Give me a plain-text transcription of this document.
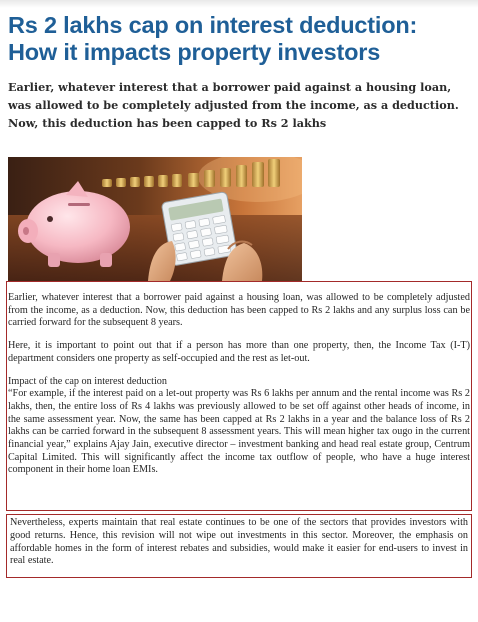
Rs 2 lakhs cap on interest deduction:
How it impacts property investors
Earlier, whatever interest that a borrower paid against a housing loan, was allowed to be completely adjusted from the income, as a deduction. Now, this deduction has been capped to Rs 2 lakhs

Earlier, whatever interest that a borrower paid against a housing loan, was allowed to be completely adjusted from the income, as a deduction. Now, this deduction has been capped to Rs 2 lakhs and any surplus loss can be carried forward for the subsequent 8 years.

Here, it is important to point out that if a person has more than one property, then, the Income Tax (I-T) department considers one property as self-occupied and the rest as let-out.

Impact of the cap on interest deduction

“For example, if the interest paid on a let-out property was Rs 6 lakhs per annum and the rental income was Rs 2 lakhs, then, the entire loss of Rs 4 lakhs was previously allowed to be set off against other heads of income, in the same assessment year. Now, the same has been capped at Rs 2 lakhs in a year and the balance loss of Rs 2 lakhs can be carried forward in the subsequent 8 assessment years. This will mean higher tax ougo in the current financial year,” explains Ajay Jain, executive director – investment banking and head real estate group, Centrum Capital Limited. This will significantly affect the income tax outflow of people, who have a huge interest component in their home loan EMIs.

Nevertheless, experts maintain that real estate continues to be one of the sectors that provides investors with good returns. Hence, this revision will not wipe out investments in this sector. Moreover, the emphasis on affordable homes in the form of interest rebates and subsidies, would make it easier for end-users to invest in real estate.
